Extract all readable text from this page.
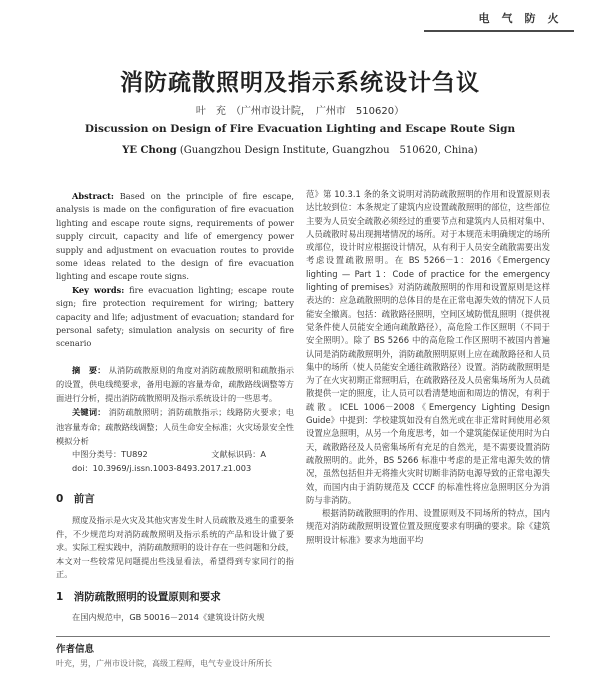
电	气	防	火
消防疏散照明及指示系统设计刍议
叶　充　（广州市设计院，　广州市　510620）
Discussion on Design of Fire Evacuation Lighting and Escape Route Sign
YE Chong (Guangzhou Design Institute, Guangzhou　510620, China)

Abstract: Based on the principle of fire escape, analysis is made on the configuration of fire evacuation lighting and escape route signs, requirements of power supply circuit, capacity and life of emergency power supply and adjustment on evacuation routes to provide some ideas related to the design of fire evacuation lighting and escape route signs.

Key words: fire evacuation lighting; escape route sign; fire protection requirement for wiring; battery capacity and life; adjustment of evacuation; standard for personal safety; simulation analysis on security of fire scenario

摘　要： 从消防疏散原则的角度对消防疏散照明和疏散指示的设置，供电线缆要求，备用电源的容量寿命，疏散路线调整等方面进行分析，提出消防疏散照明及指示系统设计的一些思考。

关键词： 消防疏散照明；消防疏散指示；线路防火要求；电池容量寿命；疏散路线调整；人员生命安全标准；火灾场景安全性模拟分析

中图分类号：TU892	文献标识码：A

doi：10.3969/j.issn.1003-8493.2017.z1.003

0　前言

照度及指示是火灾及其他灾害发生时人员疏散及逃生的重要条件，不少规范均对消防疏散照明及指示系统的产品和设计做了要求。实际工程实践中，消防疏散照明的设计存在一些问题和分歧，本文对一些较常见问题提出些浅显看法，希望得到专家同行的指正。

1　消防疏散照明的设置原则和要求

在国内规范中，GB 50016－2014《建筑设计防火规

范》第 10.3.1 条的条文说明对消防疏散照明的作用和设置原则表达比较到位：本条规定了建筑内应设置疏散照明的部位，这些部位主要为人员安全疏散必须经过的重要节点和建筑内人员相对集中、人员疏散时易出现拥堵情况的场所。对于本规范未明确规定的场所或部位，设计时应根据设计情况，从有利于人员安全疏散需要出发考虑设置疏散照明。在 BS 5266－1：2016《Emergency lighting — Part 1：Code of practice for the emergency lighting of premises》对消防疏散照明的作用和设置原则是这样表达的：应急疏散照明的总体目的是在正常电源失效的情况下人员能安全撤离。包括：疏散路径照明，空间区域防慌乱照明（提供视觉条件使人员能安全通向疏散路径），高危险工作区照明（不同于安全照明）。除了 BS 5266 中的高危险工作区照明不被国内普遍认同是消防疏散照明外，消防疏散照明原则上应在疏散路径和人员集中的场所（使人员能安全通往疏散路径）设置。消防疏散照明是为了在火灾初期正常照明后，在疏散路径及人员密集场所为人员疏散提供一定的照度，让人员可以看清楚地面和周边的情况，有利于疏散。ICEL 1006－2008《Emergency Lighting Design Guide》中提到：学校建筑如没有自然光或在非正常时间使用必须设置应急照明，从另一个角度思考，如一个建筑能保证使用时为白天，疏散路径及人员密集场所有充足的自然光，是不需要设置消防疏散照明的。此外，BS 5266 标准中考虑的是正常电源失效的情况，虽然包括但并无将推火灾时切断非消防电源导致的正常电源失效，而国内由于消防规范及 CCCF 的标准性将应急照明区分为消防与非消防。

根据消防疏散照明的作用、设置原则及不同场所的特点，国内规范对消防疏散照明设置位置及照度要求有明确的要求。除《建筑照明设计标准》要求为地面平均

作者信息
叶充，男，广州市设计院，高级工程师，电气专业设计所所长
